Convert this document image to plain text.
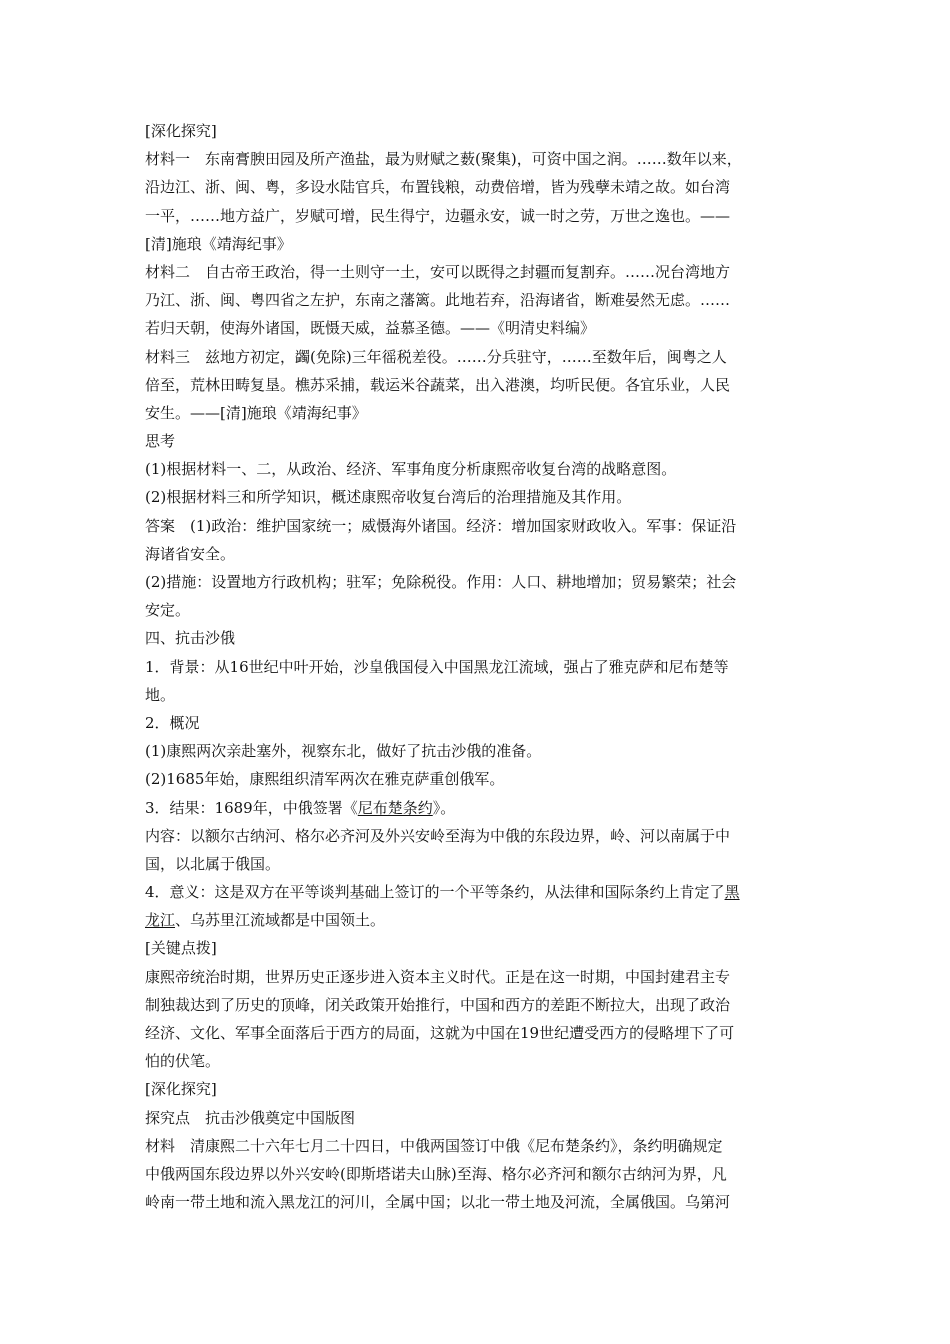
[深化探究]
材料一　东南膏腴田园及所产渔盐，最为财赋之薮(聚集)，可资中国之润。……数年以来，
沿边江、浙、闽、粤，多设水陆官兵，布置钱粮，动费倍增，皆为残孽未靖之故。如台湾
一平，……地方益广，岁赋可增，民生得宁，边疆永安，诚一时之劳，万世之逸也。——
[清]施琅《靖海纪事》
材料二　自古帝王政治，得一土则守一土，安可以既得之封疆而复割弃。……况台湾地方
乃江、浙、闽、粤四省之左护，东南之藩篱。此地若弃，沿海诸省，断难晏然无虑。……
若归天朝，使海外诸国，既慑天威，益慕圣德。——《明清史料编》
材料三　兹地方初定，蠲(免除)三年徭税差役。……分兵驻守，……至数年后，闽粤之人
倍至，荒林田畴复垦。樵苏采捕，载运米谷蔬菜，出入港澳，均听民便。各宜乐业，人民
安生。——[清]施琅《靖海纪事》
思考
(1)根据材料一、二，从政治、经济、军事角度分析康熙帝收复台湾的战略意图。
(2)根据材料三和所学知识，概述康熙帝收复台湾后的治理措施及其作用。
答案　(1)政治：维护国家统一；威慑海外诸国。经济：增加国家财政收入。军事：保证沿
海诸省安全。
(2)措施：设置地方行政机构；驻军；免除税役。作用：人口、耕地增加；贸易繁荣；社会
安定。
四、抗击沙俄
1．背景：从16世纪中叶开始，沙皇俄国侵入中国黑龙江流域，强占了雅克萨和尼布楚等
地。
2．概况
(1)康熙两次亲赴塞外，视察东北，做好了抗击沙俄的准备。
(2)1685年始，康熙组织清军两次在雅克萨重创俄军。
3．结果：1689年，中俄签署《尼布楚条约》。
内容：以额尔古纳河、格尔必齐河及外兴安岭至海为中俄的东段边界，岭、河以南属于中
国，以北属于俄国。
4．意义：这是双方在平等谈判基础上签订的一个平等条约，从法律和国际条约上肯定了黑
龙江、乌苏里江流域都是中国领土。
[关键点拨]
康熙帝统治时期，世界历史正逐步进入资本主义时代。正是在这一时期，中国封建君主专
制独裁达到了历史的顶峰，闭关政策开始推行，中国和西方的差距不断拉大，出现了政治
经济、文化、军事全面落后于西方的局面，这就为中国在19世纪遭受西方的侵略埋下了可
怕的伏笔。
[深化探究]
探究点　抗击沙俄奠定中国版图
材料　清康熙二十六年七月二十四日，中俄两国签订中俄《尼布楚条约》，条约明确规定
中俄两国东段边界以外兴安岭(即斯塔诺夫山脉)至海、格尔必齐河和额尔古纳河为界，凡
岭南一带土地和流入黑龙江的河川，全属中国；以北一带土地及河流，全属俄国。乌第河
